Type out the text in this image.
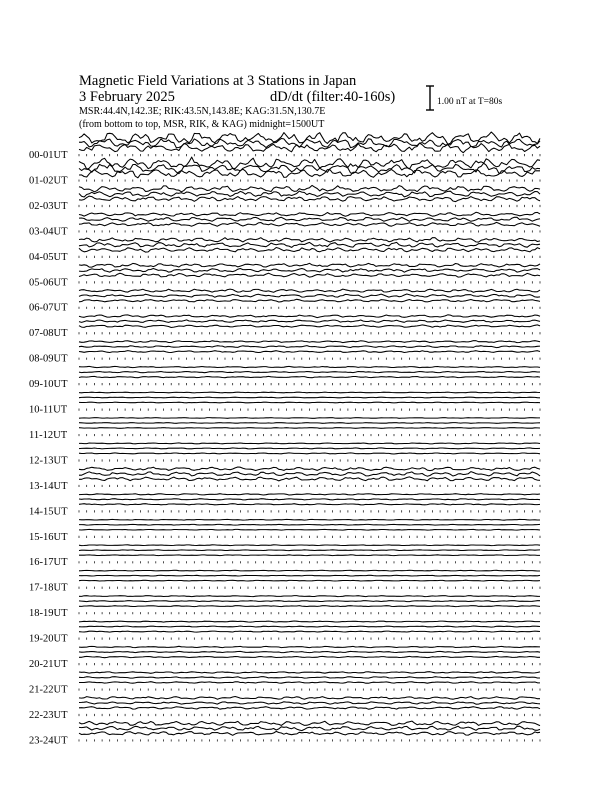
Magnetic Field Variations at 3 Stations in Japan
3 February 2025	dD/dt (filter:40-160s)
MSR:44.4N,142.3E; RIK:43.5N,143.8E; KAG:31.5N,130.7E
(from bottom to top, MSR, RIK, & KAG) midnight=1500UT
1.00 nT at T=80s
00-01UT
01-02UT
02-03UT
03-04UT
04-05UT
05-06UT
06-07UT
07-08UT
08-09UT
09-10UT
10-11UT
11-12UT
12-13UT
13-14UT
14-15UT
15-16UT
16-17UT
17-18UT
18-19UT
19-20UT
20-21UT
21-22UT
22-23UT
23-24UT
